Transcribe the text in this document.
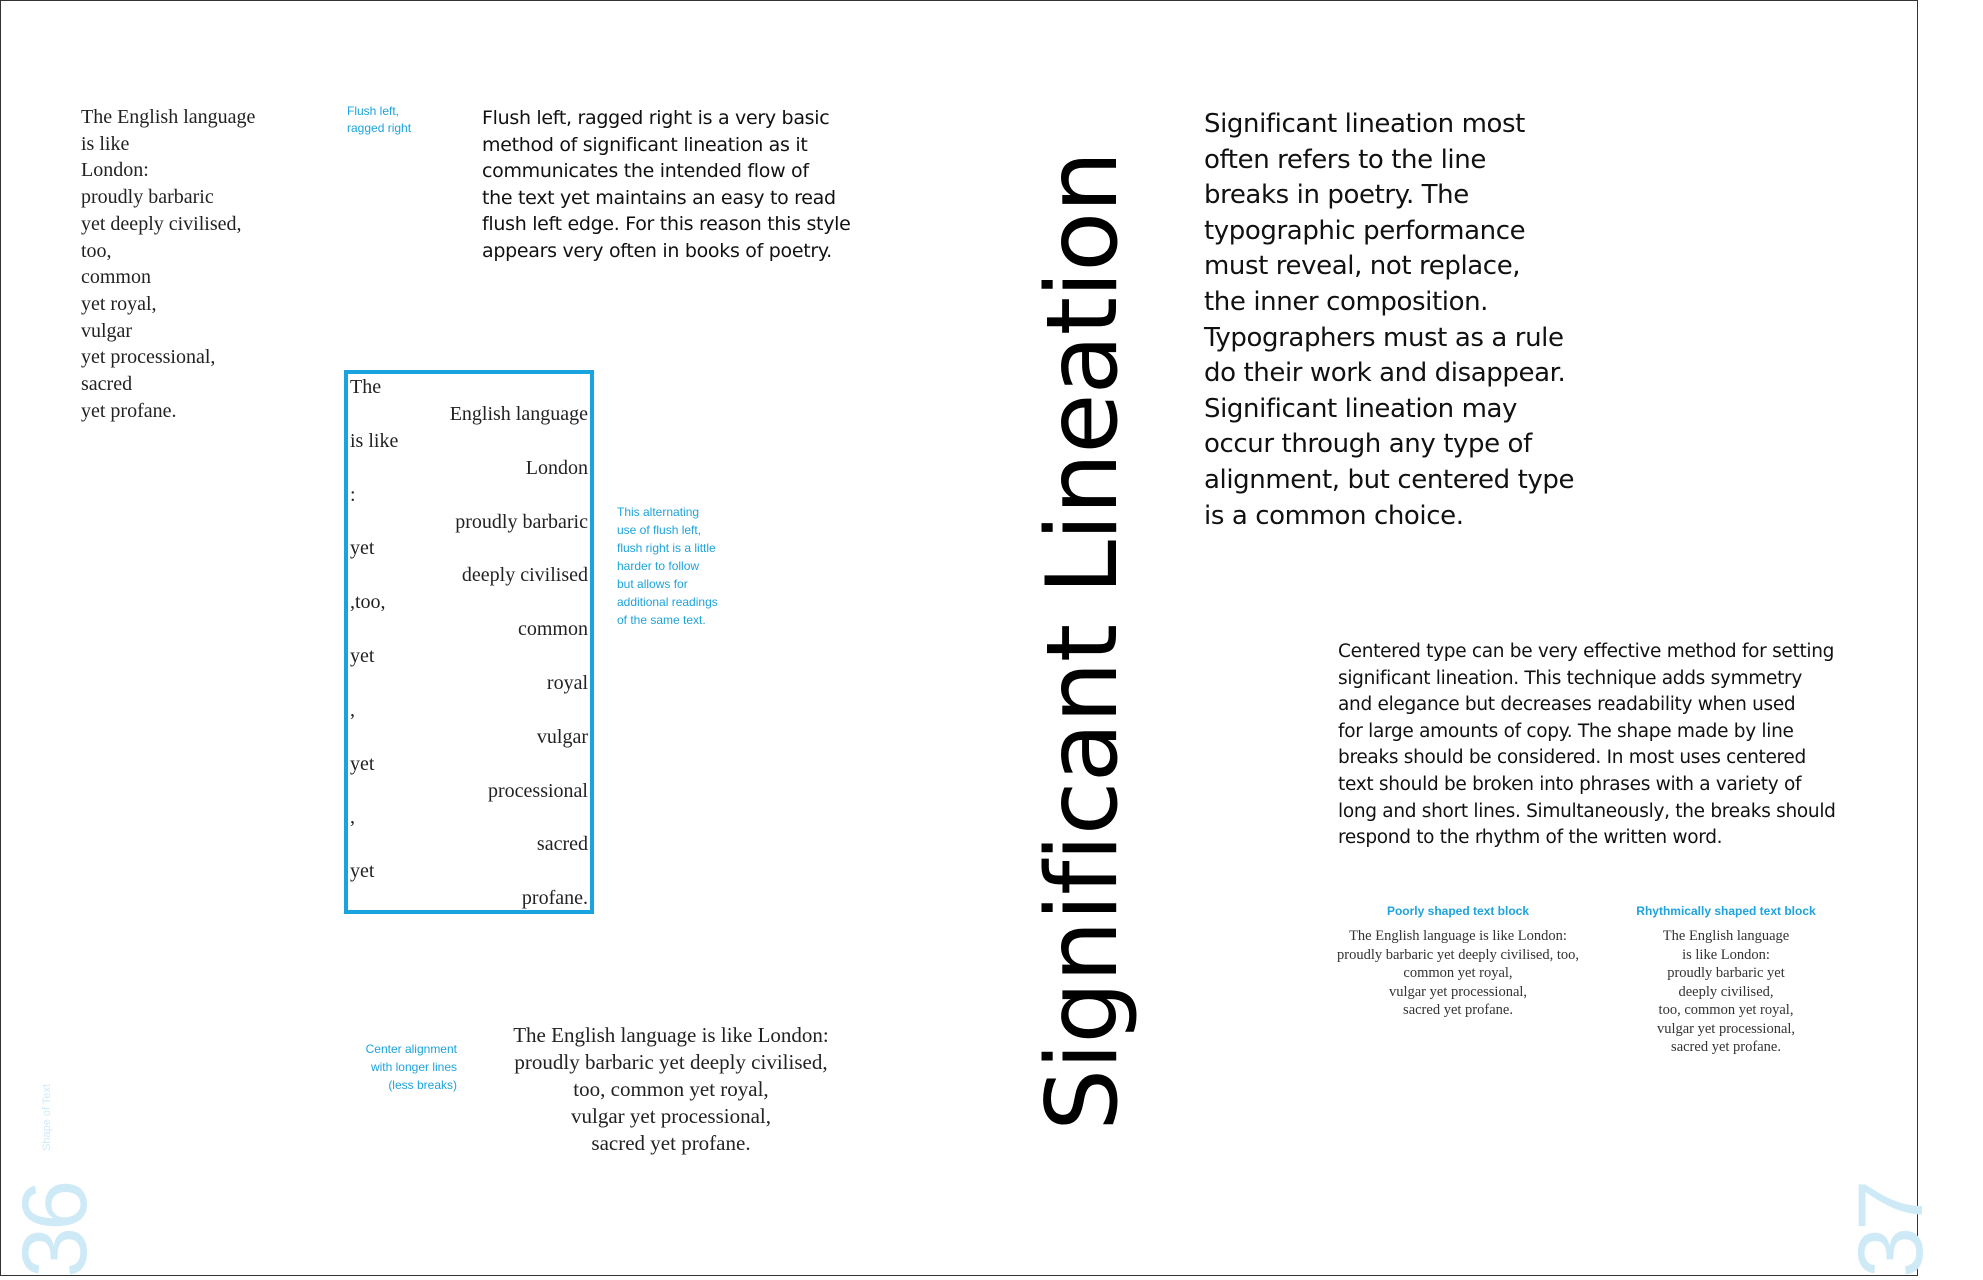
The English language
is like
London:
proudly barbaric
yet deeply civilised,
too,
common
yet royal,
vulgar
yet processional,
sacred
yet profane.
Flush left,
ragged right	Flush left, ragged right is a very basic
method of significant lineation as it
communicates the intended flow of
the text yet maintains an easy to read
flush left edge. For this reason this style
appears very often in books of poetry.
The
English language
is like
London
:
proudly barbaric
yet
deeply civilised
,too,
common
yet
royal
,
vulgar
yet
processional
,
sacred
yet
profane.
This alternating
use of flush left,
flush right is a little
harder to follow
but allows for
additional readings
of the same text.
Center alignment
with longer lines
(less breaks)
The English language is like London:
proudly barbaric yet deeply civilised,
too, common yet royal,
vulgar yet processional,
sacred yet profane.
Shape of Text
36
Significant Lineation
Significant lineation most
often refers to the line
breaks in poetry. The
typographic performance
must reveal, not replace,
the inner composition.
Typographers must as a rule
do their work and disappear.
Significant lineation may
occur through any type of
alignment, but centered type
is a common choice.
Centered type can be very effective method for setting
significant lineation. This technique adds symmetry
and elegance but decreases readability when used
for large amounts of copy. The shape made by line
breaks should be considered. In most uses centered
text should be broken into phrases with a variety of
long and short lines. Simultaneously, the breaks should
respond to the rhythm of the written word.
Poorly shaped text block
The English language is like London:
proudly barbaric yet deeply civilised, too,
common yet royal,
vulgar yet processional,
sacred yet profane.
Rhythmically shaped text block
The English language
is like London:
proudly barbaric yet
deeply civilised,
too, common yet royal,
vulgar yet processional,
sacred yet profane.
37
